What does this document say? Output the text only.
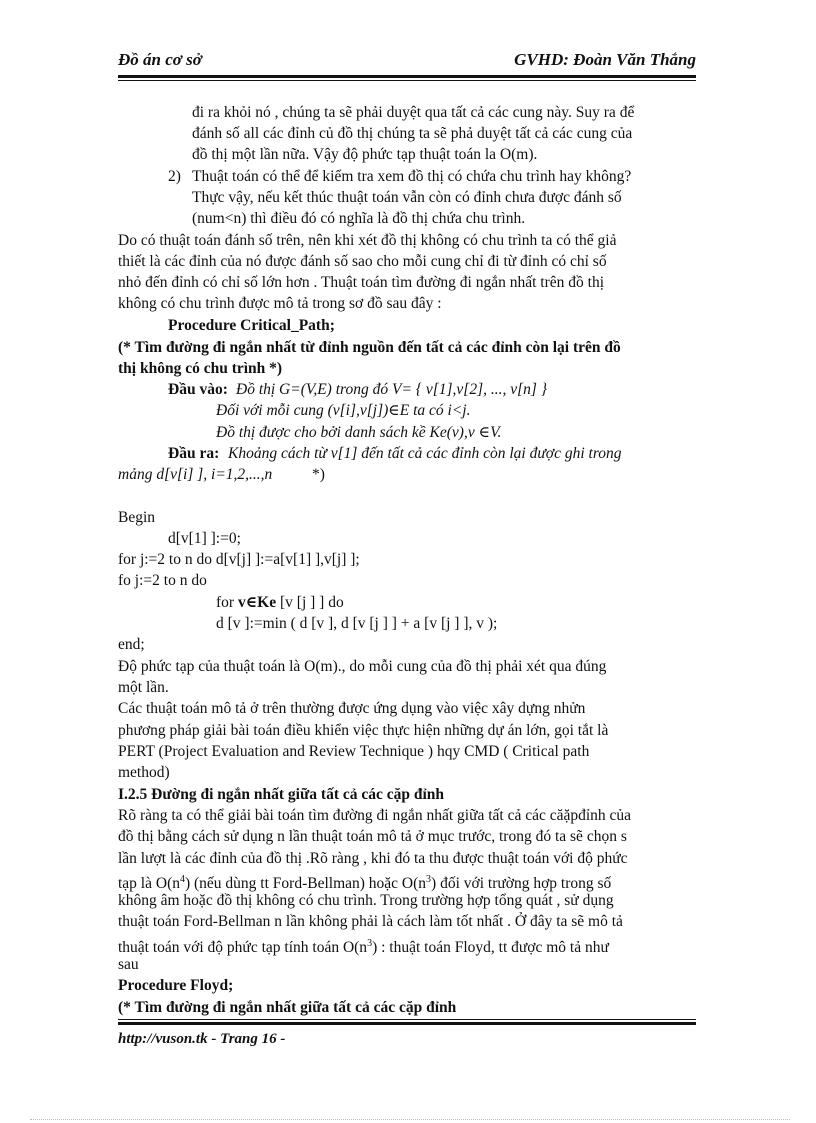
Đồ án cơ sở	GVHD: Đoàn Văn Thắng
đi ra khỏi nó , chúng ta sẽ phải duyệt qua tất cả các cung này. Suy ra để
đánh số all các đỉnh củ đồ thị chúng ta sẽ phả duyệt tất cả các cung của
đồ thị một lần nữa. Vậy độ phức tạp thuật toán la O(m).
2) Thuật toán có thể để kiểm tra xem đồ thị có chứa chu trình hay không?
Thực vậy, nếu kết thúc thuật toán vẫn còn có đỉnh chưa được đánh số
(num<n) thì điều đó có nghĩa là đồ thị chứa chu trình.
Do có thuật toán đánh số trên, nên khi xét đồ thị không có chu trình ta có thể giả
thiết là các đỉnh của nó được đánh số sao cho mỗi cung chỉ đi từ đỉnh có chỉ số
nhỏ đến đỉnh có chỉ số lớn hơn . Thuật toán tìm đường đi ngắn nhất trên đồ thị
không có chu trình được mô tả trong sơ đồ sau đây :
Procedure Critical_Path;
(* Tìm đường đi ngắn nhất từ đỉnh nguồn đến tất cả các đỉnh còn lại trên đồ
thị không có chu trình *)
Đầu vào: Đồ thị G=(V,E) trong đó V= { v[1],v[2], ..., v[n] }
Đối với mỗi cung (v[i],v[j])∈E ta có i<j.
Đồ thị được cho bởi danh sách kề Ke(v),v ∈V.
Đầu ra: Khoảng cách từ v[1] đến tất cả các đỉnh còn lại được ghi trong
mảng d[v[i] ], i=1,2,...,n	*)
Begin
d[v[1] ]:=0;
for j:=2 to n do d[v[j] ]:=a[v[1] ],v[j] ];
fo j:=2 to n do
for v∈Ke [v [j ] ] do
d [v ]:=min ( d [v ], d [v [j ] ] + a [v [j ] ], v );
end;
Độ phức tạp của thuật toán là O(m)., do mỗi cung của đồ thị phải xét qua đúng
một lần.
Các thuật toán mô tả ở trên thường được ứng dụng vào việc xây dựng nhửn
phương pháp giải bài toán điều khiển việc thực hiện những dự án lớn, gọi tắt là
PERT (Project Evaluation and Review Technique ) hqy CMD ( Critical path
method)
I.2.5 Đường đi ngắn nhất giữa tất cả các cặp đỉnh
Rõ ràng ta có thể giải bài toán tìm đường đi ngắn nhất giữa tất cả các căặpđỉnh của
đồ thị bằng cách sử dụng n lần thuật toán mô tả ở mục trước, trong đó ta sẽ chọn s
lần lượt là các đỉnh của đồ thị .Rõ ràng , khi đó ta thu được thuật toán với độ phức
tạp là $O(n^4)$ (nếu dùng tt Ford-Bellman) hoặc $O(n^3)$ đối với trường hợp trong số
không âm hoặc đồ thị không có chu trình. Trong trường hợp tổng quát , sử dụng
thuật toán Ford-Bellman n lần không phải là cách làm tốt nhất . Ở đây ta sẽ mô tả
thuật toán với độ phức tạp tính toán $O(n^3)$ : thuật toán Floyd, tt được mô tả như
sau
Procedure Floyd;
(* Tìm đường đi ngắn nhất giữa tất cả các cặp đỉnh
http://vuson.tk - Trang 16 -
